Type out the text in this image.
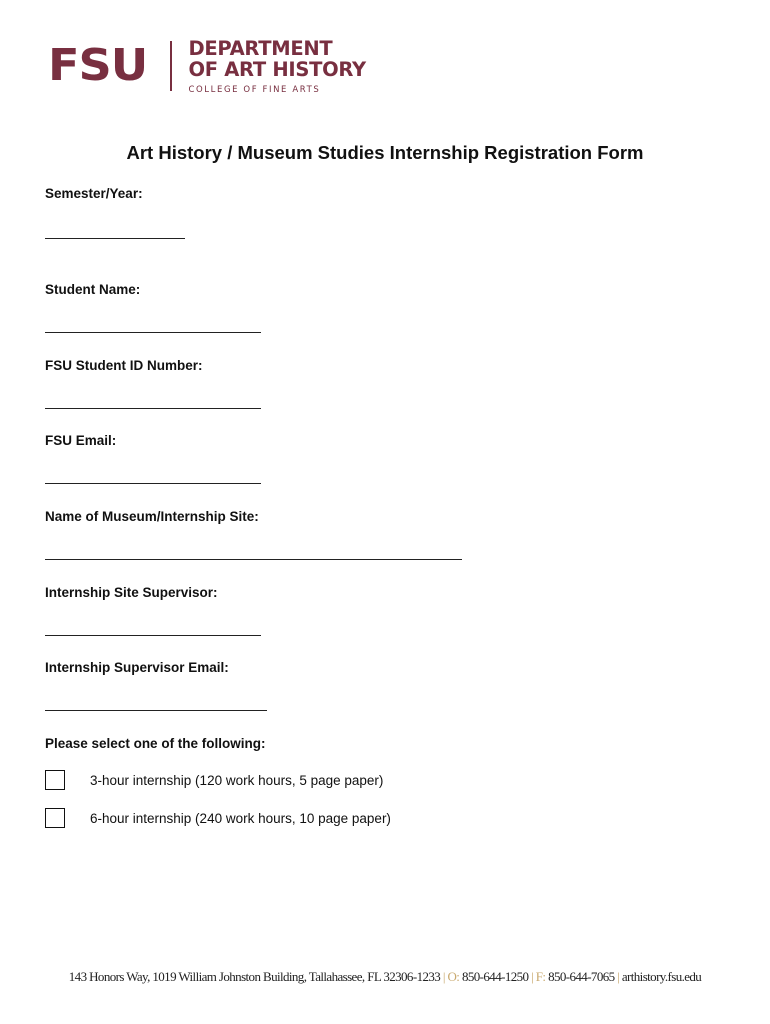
FSU DEPARTMENT
OF ART HISTORY
COLLEGE OF FINE ARTS
Art History / Museum Studies Internship Registration Form
Semester/Year:
Student Name:
FSU Student ID Number:
FSU Email:
Name of Museum/Internship Site:
Internship Site Supervisor:
Internship Supervisor Email:
Please select one of the following:
3-hour internship (120 work hours, 5 page paper)
6-hour internship (240 work hours, 10 page paper)
143 Honors Way, 1019 William Johnston Building, Tallahassee, FL 32306-1233 | O: 850-644-1250 | F: 850-644-7065 | arthistory.fsu.edu
